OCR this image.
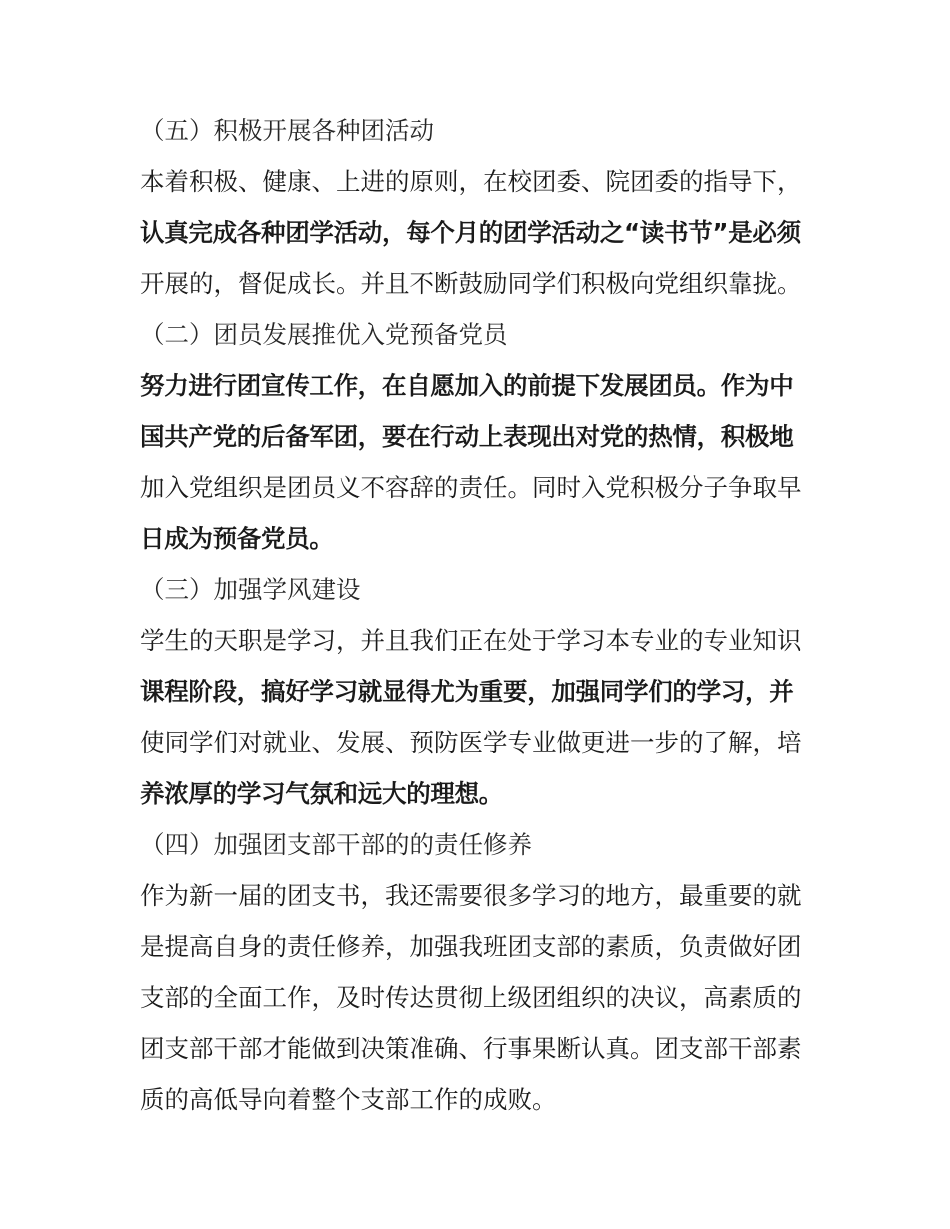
（五）积极开展各种团活动
本着积极、健康、上进的原则，在校团委、院团委的指导下，
认真完成各种团学活动，每个月的团学活动之“读书节”是必须
开展的，督促成长。并且不断鼓励同学们积极向党组织靠拢。
（二）团员发展推优入党预备党员
努力进行团宣传工作，在自愿加入的前提下发展团员。作为中
国共产党的后备军团，要在行动上表现出对党的热情，积极地
加入党组织是团员义不容辞的责任。同时入党积极分子争取早
日成为预备党员。
（三）加强学风建设
学生的天职是学习，并且我们正在处于学习本专业的专业知识
课程阶段，搞好学习就显得尤为重要，加强同学们的学习，并
使同学们对就业、发展、预防医学专业做更进一步的了解，培
养浓厚的学习气氛和远大的理想。
（四）加强团支部干部的的责任修养
作为新一届的团支书，我还需要很多学习的地方，最重要的就
是提高自身的责任修养，加强我班团支部的素质，负责做好团
支部的全面工作，及时传达贯彻上级团组织的决议，高素质的
团支部干部才能做到决策准确、行事果断认真。团支部干部素
质的高低导向着整个支部工作的成败。
